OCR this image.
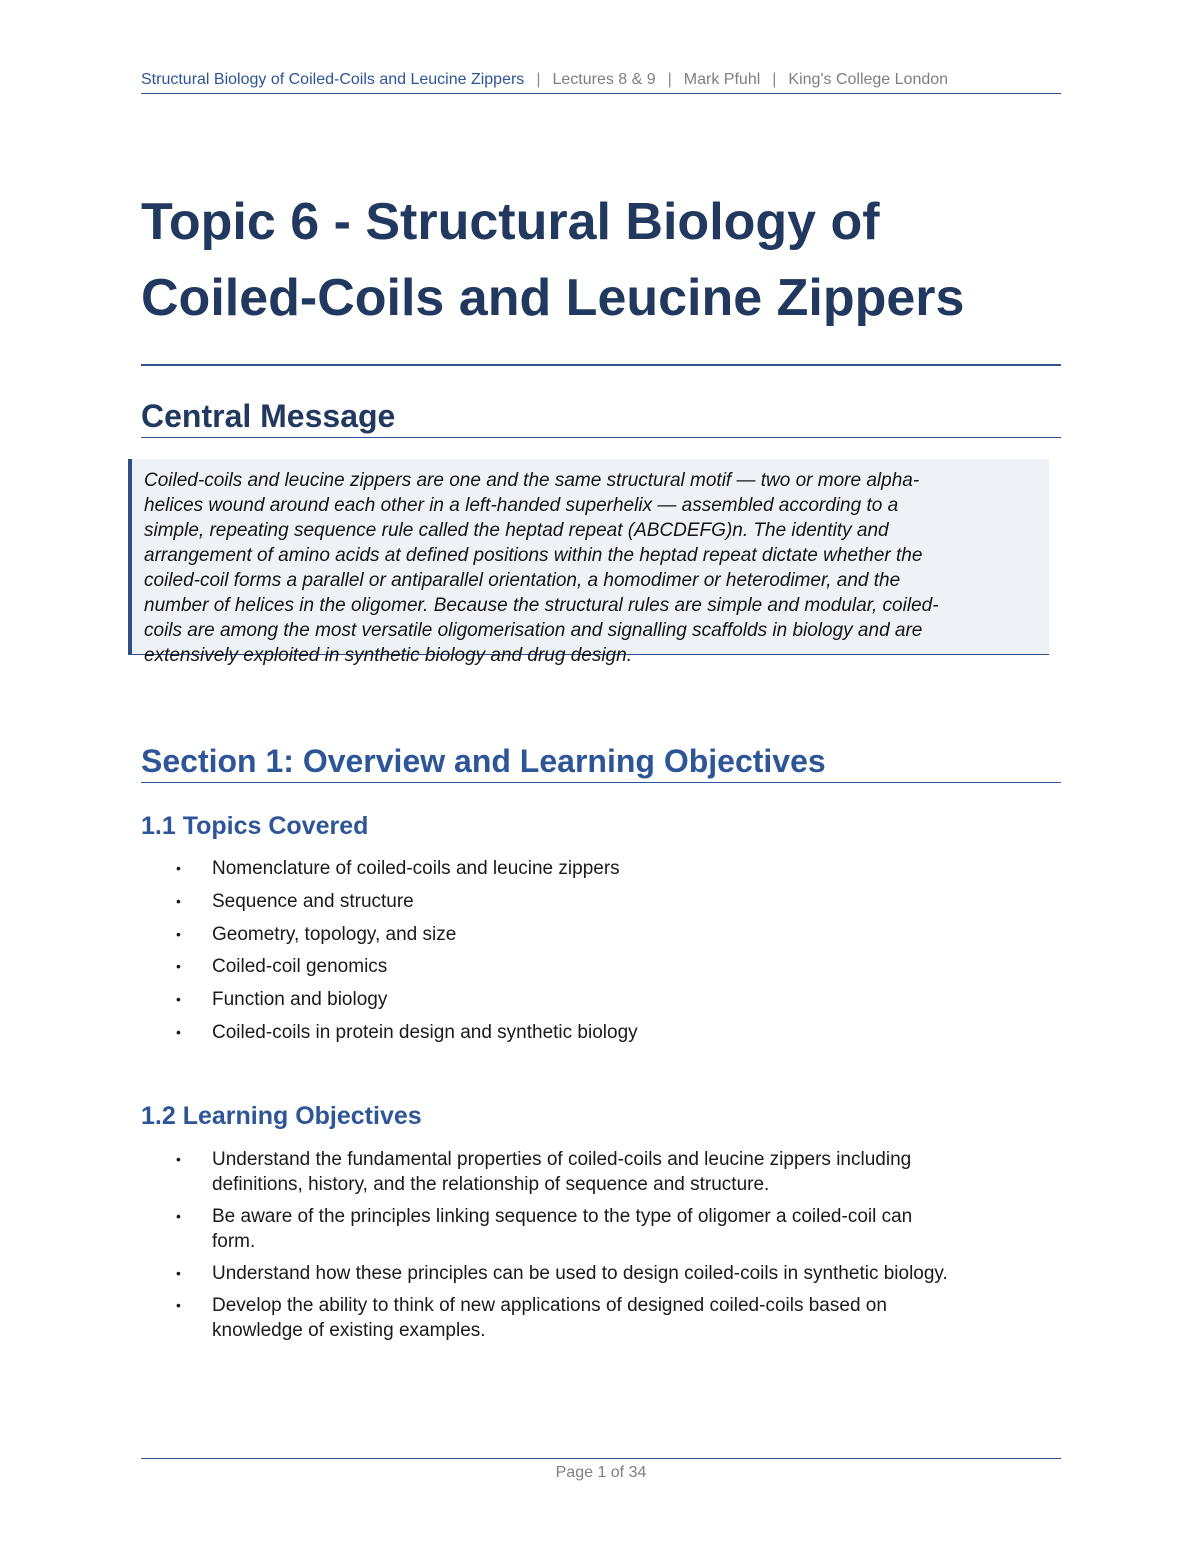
Structural Biology of Coiled-Coils and Leucine Zippers | Lectures 8 & 9 | Mark Pfuhl | King's College London
Topic 6 - Structural Biology of
Coiled-Coils and Leucine Zippers
Central Message

Coiled-coils and leucine zippers are one and the same structural motif — two or more alpha-
helices wound around each other in a left-handed superhelix — assembled according to a
simple, repeating sequence rule called the heptad repeat (ABCDEFG)n. The identity and
arrangement of amino acids at defined positions within the heptad repeat dictate whether the
coiled-coil forms a parallel or antiparallel orientation, a homodimer or heterodimer, and the
number of helices in the oligomer. Because the structural rules are simple and modular, coiled-
coils are among the most versatile oligomerisation and signalling scaffolds in biology and are
extensively exploited in synthetic biology and drug design.

Section 1: Overview and Learning Objectives
1.1 Topics Covered
• Nomenclature of coiled-coils and leucine zippers
• Sequence and structure
• Geometry, topology, and size
• Coiled-coil genomics
• Function and biology
• Coiled-coils in protein design and synthetic biology
1.2 Learning Objectives
• Understand the fundamental properties of coiled-coils and leucine zippers including
definitions, history, and the relationship of sequence and structure.
• Be aware of the principles linking sequence to the type of oligomer a coiled-coil can
form.
• Understand how these principles can be used to design coiled-coils in synthetic biology.
• Develop the ability to think of new applications of designed coiled-coils based on
knowledge of existing examples.
Page 1 of 34
